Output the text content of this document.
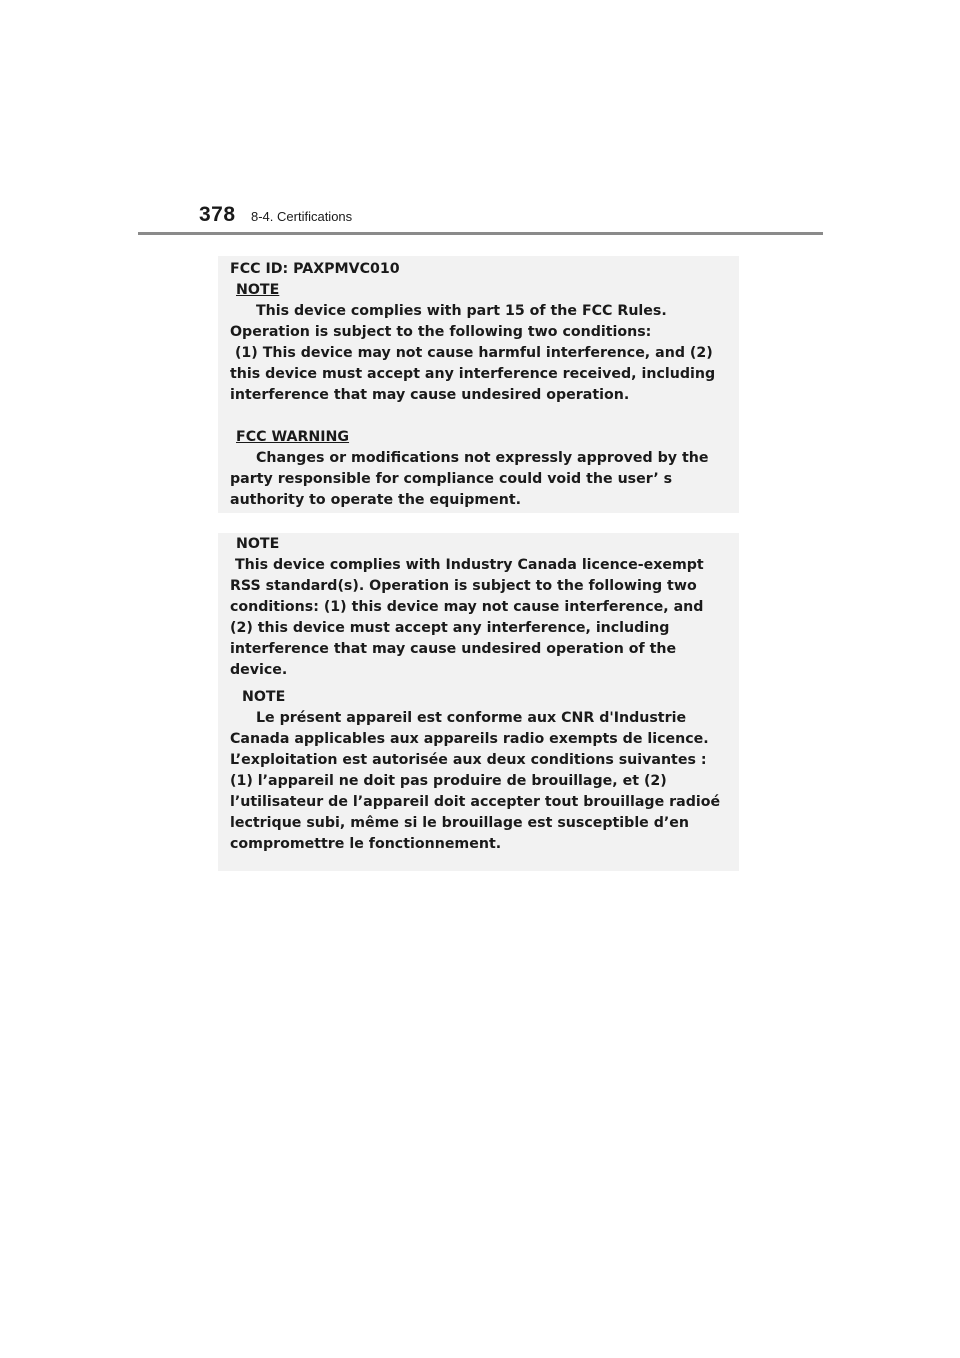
378 8-4. Certifications
FCC ID: PAXPMVC010
NOTE
This device complies with part 15 of the FCC Rules.
Operation is subject to the following two conditions:
(1) This device may not cause harmful interference, and (2)
this device must accept any interference received, including
interference that may cause undesired operation.
FCC WARNING
Changes or modifications not expressly approved by the
party responsible for compliance could void the user’ s
authority to operate the equipment.
NOTE
This device complies with Industry Canada licence-exempt
RSS standard(s). Operation is subject to the following two
conditions: (1) this device may not cause interference, and
(2) this device must accept any interference, including
interference that may cause undesired operation of the
device.
NOTE
Le présent appareil est conforme aux CNR d'Industrie
Canada applicables aux appareils radio exempts de licence.
L’exploitation est autorisée aux deux conditions suivantes :
(1) l’appareil ne doit pas produire de brouillage, et (2)
l’utilisateur de l’appareil doit accepter tout brouillage radioé
lectrique subi, même si le brouillage est susceptible d’en
compromettre le fonctionnement.
